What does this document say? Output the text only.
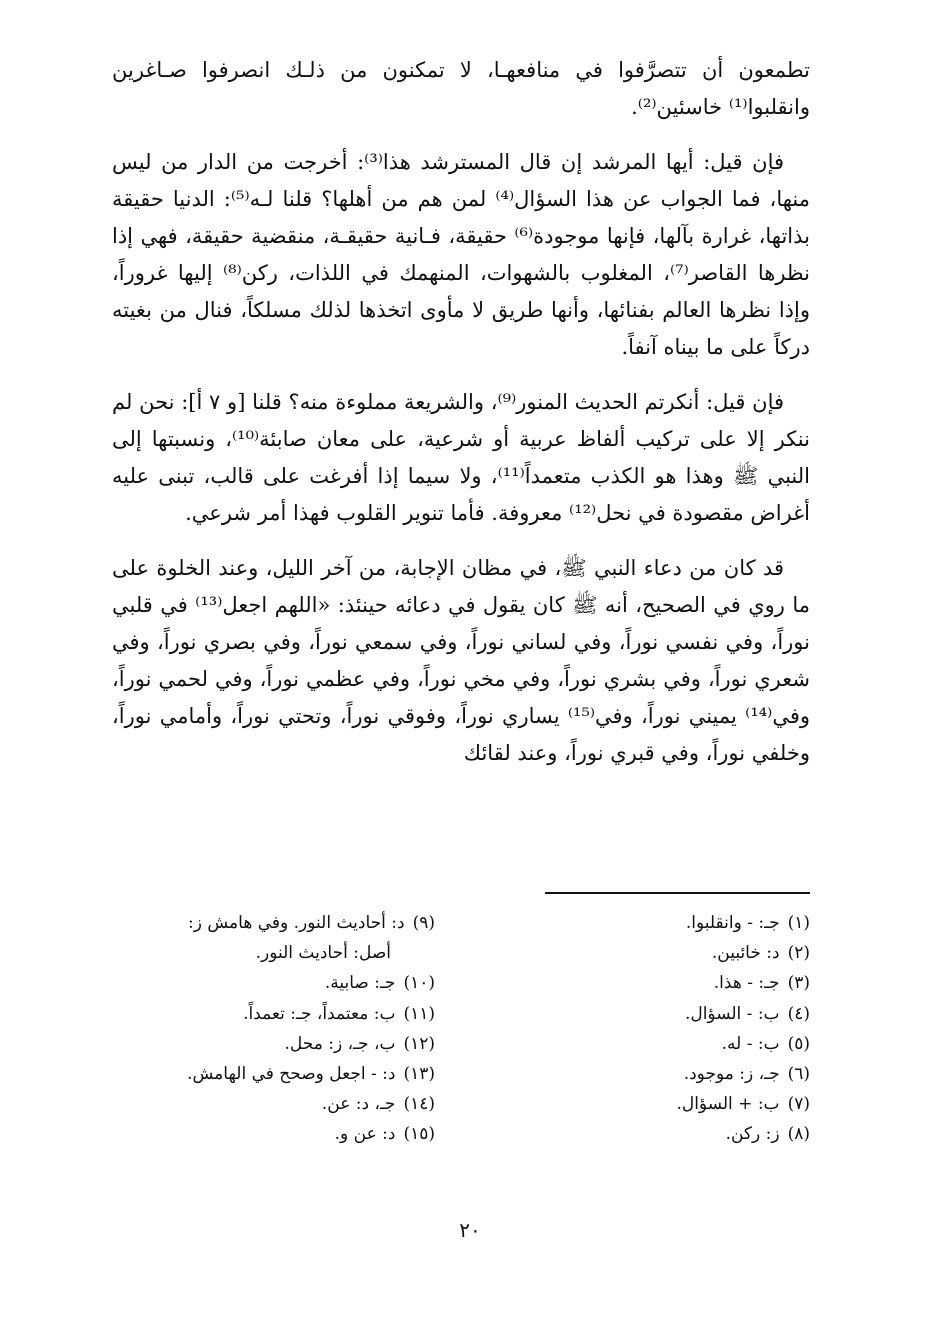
تطمعون أن تتصرَّفوا في منافعهـا، لا تمكنون من ذلـك انصرفوا صـاغرين وانقلبوا⁽¹⁾ خاسئين⁽²⁾.

فإن قيل: أيها المرشد إن قال المسترشد هذا⁽³⁾: أخرجت من الدار من ليس منها، فما الجواب عن هذا السؤال⁽⁴⁾ لمن هم من أهلها؟ قلنا لـه⁽⁵⁾: الدنيا حقيقة بذاتها، غرارة بآلها، فإنها موجودة⁽⁶⁾ حقيقة، فـانية حقيقـة، منقضية حقيقة، فهي إذا نظرها القاصر⁽⁷⁾، المغلوب بالشهوات، المنهمك في اللذات، ركن⁽⁸⁾ إليها غروراً، وإذا نظرها العالم بفنائها، وأنها طريق لا مأوى اتخذها لذلك مسلكاً، فنال من بغيته دركاً على ما بيناه آنفاً.

فإن قيل: أنكرتم الحديث المنور⁽⁹⁾، والشريعة مملوءة منه؟ قلنا [و ٧ أ]: نحن لم ننكر إلا على تركيب ألفاظ عربية أو شرعية، على معان صابئة⁽¹⁰⁾، ونسبتها إلى النبي ﷺ وهذا هو الكذب متعمداً⁽¹¹⁾، ولا سيما إذا أفرغت على قالب، تبنى عليه أغراض مقصودة في نحل⁽¹²⁾ معروفة. فأما تنوير القلوب فهذا أمر شرعي.

قد كان من دعاء النبي ﷺ، في مظان الإجابة، من آخر الليل، وعند الخلوة على ما روي في الصحيح، أنه ﷺ كان يقول في دعائه حينئذ: «اللهم اجعل⁽¹³⁾ في قلبي نوراً، وفي نفسي نوراً، وفي لساني نوراً، وفي سمعي نوراً، وفي بصري نوراً، وفي شعري نوراً، وفي بشري نوراً، وفي مخي نوراً، وفي عظمي نوراً، وفي لحمي نوراً، وفي⁽¹⁴⁾ يميني نوراً، وفي⁽¹⁵⁾ يساري نوراً، وفوقي نوراً، وتحتي نوراً، وأمامي نوراً، وخلفي نوراً، وفي قبري نوراً، وعند لقائك

(١)جـ: - وانقلبوا.
(٢)د: خائبين.
(٣)جـ: - هذا.
(٤)ب: - السؤال.
(٥)ب: - له.
(٦)جـ، ز: موجود.
(٧)ب: + السؤال.
(٨)ز: ركن.
(٩)د: أحاديث النور. وفي هامش ز:
أصل: أحاديث النور.
(١٠)جـ: صابية.
(١١)ب: معتمداً، جـ: تعمداً.
(١٢)ب، جـ، ز: محل.
(١٣)د: - اجعل وصحح في الهامش.
(١٤)جـ، د: عن.
(١٥)د: عن و.
٢٠
